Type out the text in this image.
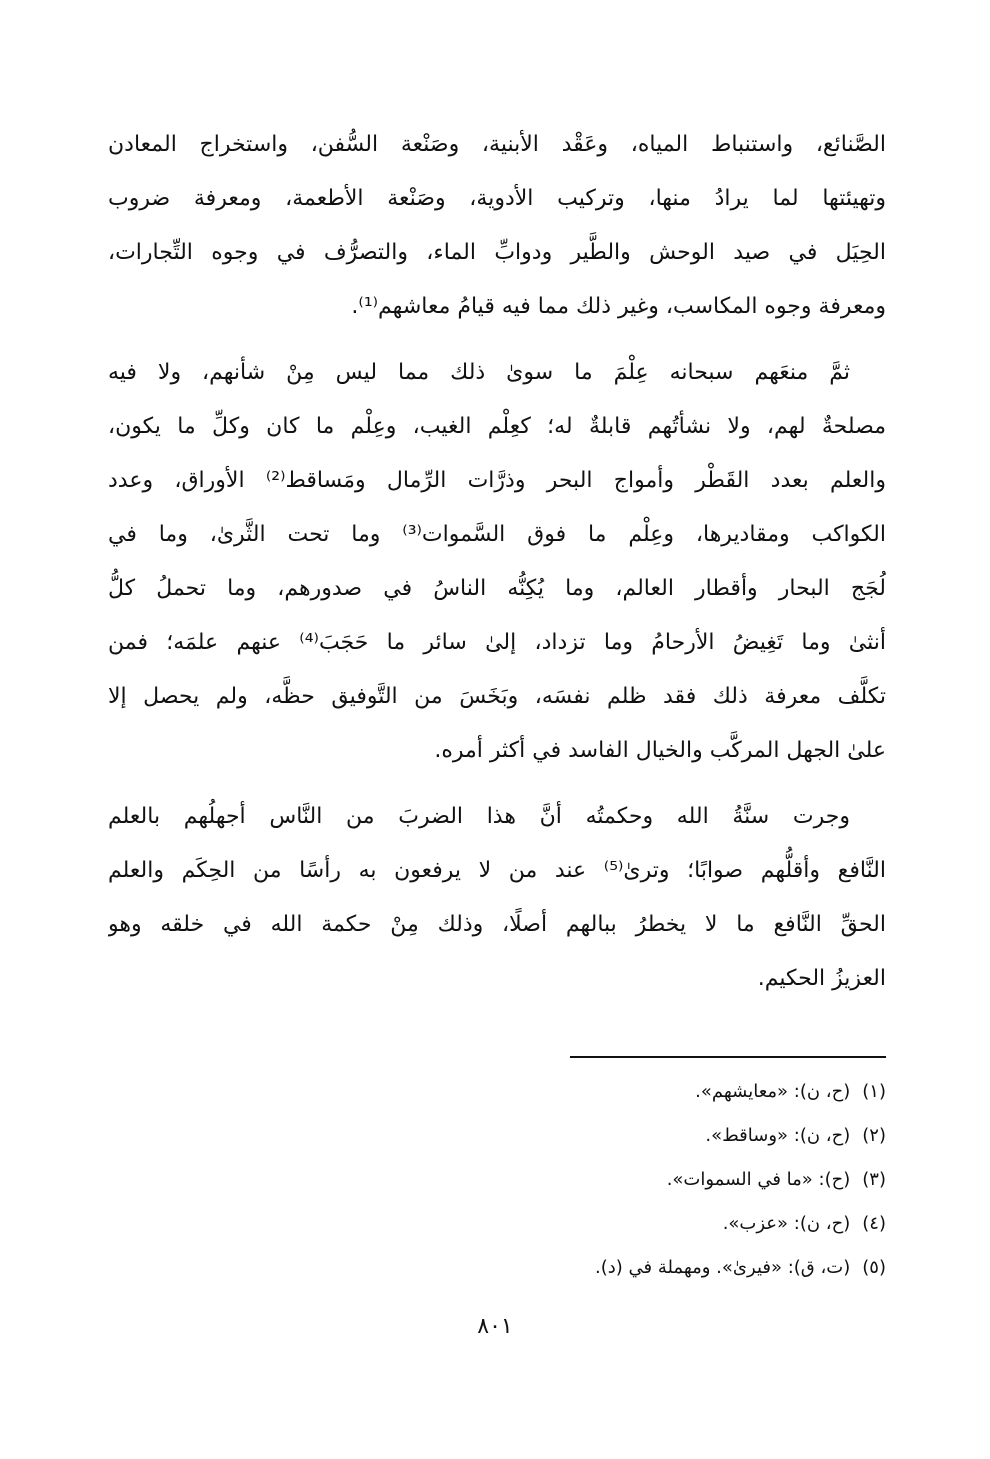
الصَّنائع، واستنباط المياه، وعَقْد الأبنية، وصَنْعة السُّفن، واستخراج المعادن
وتهيئتها لما يرادُ منها، وتركيب الأدوية، وصَنْعة الأطعمة، ومعرفة ضروب
الحِيَل في صيد الوحش والطَّير ودوابِّ الماء، والتصرُّف في وجوه التِّجارات،
ومعرفة وجوه المكاسب، وغير ذلك مما فيه قيامُ معاشهم⁽¹⁾.

ثمَّ منعَهم سبحانه عِلْمَ ما سوىٰ ذلك مما ليس مِنْ شأنهم، ولا فيه
مصلحةٌ لهم، ولا نشأتُهم قابلةٌ له؛ كعِلْم الغيب، وعِلْم ما كان وكلِّ ما يكون،
والعلم بعدد القَطْر وأمواج البحر وذرَّات الرِّمال ومَساقط⁽²⁾ الأوراق، وعدد
الكواكب ومقاديرها، وعِلْم ما فوق السَّموات⁽³⁾ وما تحت الثَّرىٰ، وما في
لُجَج البحار وأقطار العالم، وما يُكِنُّه الناسُ في صدورهم، وما تحملُ كلُّ
أنثىٰ وما تَغِيضُ الأرحامُ وما تزداد، إلىٰ سائر ما حَجَبَ⁽⁴⁾ عنهم علمَه؛ فمن
تكلَّف معرفة ذلك فقد ظلم نفسَه، وبَخَسَ من التَّوفيق حظَّه، ولم يحصل إلا
علىٰ الجهل المركَّب والخيال الفاسد في أكثر أمره.

وجرت سنَّةُ الله وحكمتُه أنَّ هذا الضربَ من النَّاس أجهلُهم بالعلم
النَّافع وأقلُّهم صوابًا؛ وترىٰ⁽⁵⁾ عند من لا يرفعون به رأسًا من الحِكَم والعلم
الحقِّ النَّافع ما لا يخطرُ ببالهم أصلًا، وذلك مِنْ حكمة الله في خلقه وهو
العزيزُ الحكيم.

(١)(ح، ن): «معايشهم».
(٢)(ح، ن): «وساقط».
(٣)(ح): «ما في السموات».
(٤)(ح، ن): «عزب».
(٥)(ت، ق): «فيرىٰ». ومهملة في (د).
٨٠١
